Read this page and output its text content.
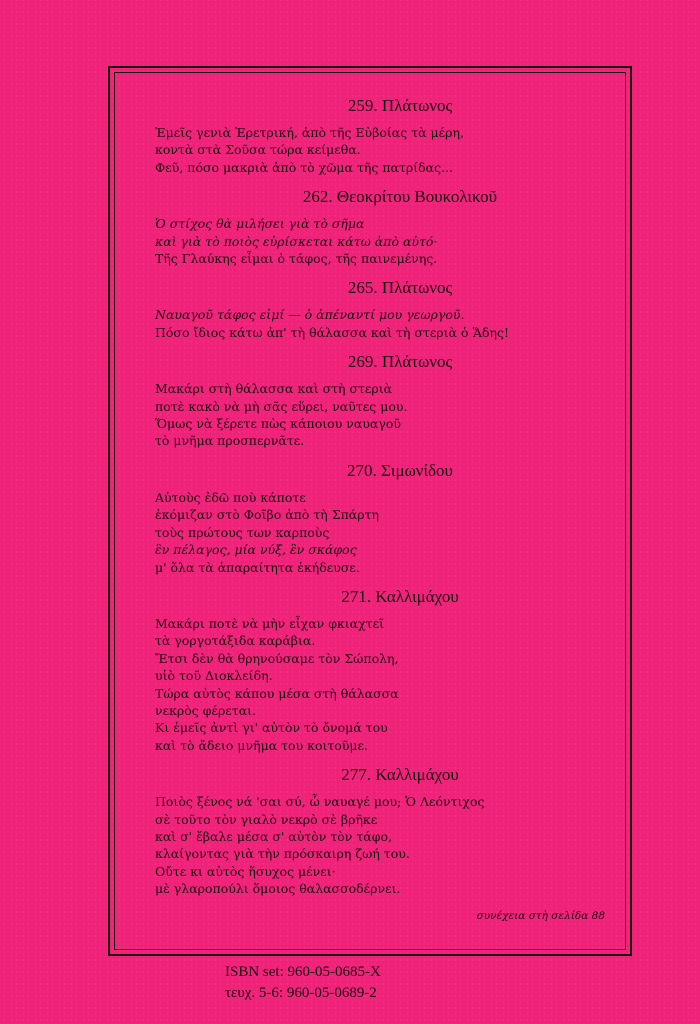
259. Πλάτωνος
Ἐμεῖς γενιὰ Ἐρετρική, ἀπὸ τῆς Εὐβοίας τὰ μέρη,
κοντὰ στὰ Σοῦσα τώρα κείμεθα.
Φεῦ, πόσο μακριὰ ἀπὸ τὸ χῶμα τῆς πατρίδας...
262. Θεοκρίτου Βουκολικοῦ
Ὁ στίχος θὰ μιλήσει γιὰ τὸ σῆμα
καὶ γιὰ τὸ ποιὸς εὑρίσκεται κάτω ἀπὸ αὐτό·
Τῆς Γλαύκης εἶμαι ὁ τάφος, τῆς παινεμένης.
265. Πλάτωνος
Ναυαγοῦ τάφος εἰμί — ὁ ἀπέναντί μου γεωργοῦ.
Πόσο ἴδιος κάτω ἀπ' τὴ θάλασσα καὶ τὴ στεριὰ ὁ Ἅδης!
269. Πλάτωνος
Μακάρι στὴ θάλασσα καὶ στὴ στεριὰ
ποτὲ κακὸ νὰ μὴ σᾶς εὕρει, ναῦτες μου.
Ὅμως νὰ ξέρετε πὼς κάποιου ναυαγοῦ
τὸ μνῆμα προσπερνᾶτε.
270. Σιμωνίδου
Αὐτοὺς ἐδῶ ποὺ κάποτε
ἐκόμιζαν στὸ Φοῖβο ἀπὸ τὴ Σπάρτη
τοὺς πρώτους των καρποὺς
ἓν πέλαγος, μία νύξ, ἓν σκάφος
μ' ὅλα τὰ ἀπαραίτητα ἐκήδευσε.
271. Καλλιμάχου
Μακάρι ποτὲ νὰ μὴν εἶχαν φκιαχτεῖ
τὰ γοργοτάξιδα καράβια.
Ἔτσι δὲν θὰ θρηνούσαμε τὸν Σώπολη,
υἱὸ τοῦ Διοκλείδη.
Τώρα αὐτὸς κάπου μέσα στὴ θάλασσα
νεκρὸς φέρεται.
Κι ἐμεῖς ἀντὶ γι' αὐτὸν τὸ ὄνομά του
καὶ τὸ ἄδειο μνῆμα του κοιτοῦμε.
277. Καλλιμάχου
Ποιὸς ξένος νά 'σαι σύ, ὦ ναυαγέ μου; Ὁ Λεόντιχος
σὲ τοῦτο τὸν γιαλὸ νεκρὸ σὲ βρῆκε
καὶ σ' ἔβαλε μέσα σ' αὐτὸν τὸν τάφο,
κλαίγοντας γιὰ τὴν πρόσκαιρη ζωή του.
Οὔτε κι αὐτὸς ἥσυχος μένει·
μὲ γλαροπούλι ὅμοιος θαλασσοδέρνει.
συνέχεια στὴ σελίδα 88
ISBN set: 960-05-0685-X
τευχ. 5-6: 960-05-0689-2
